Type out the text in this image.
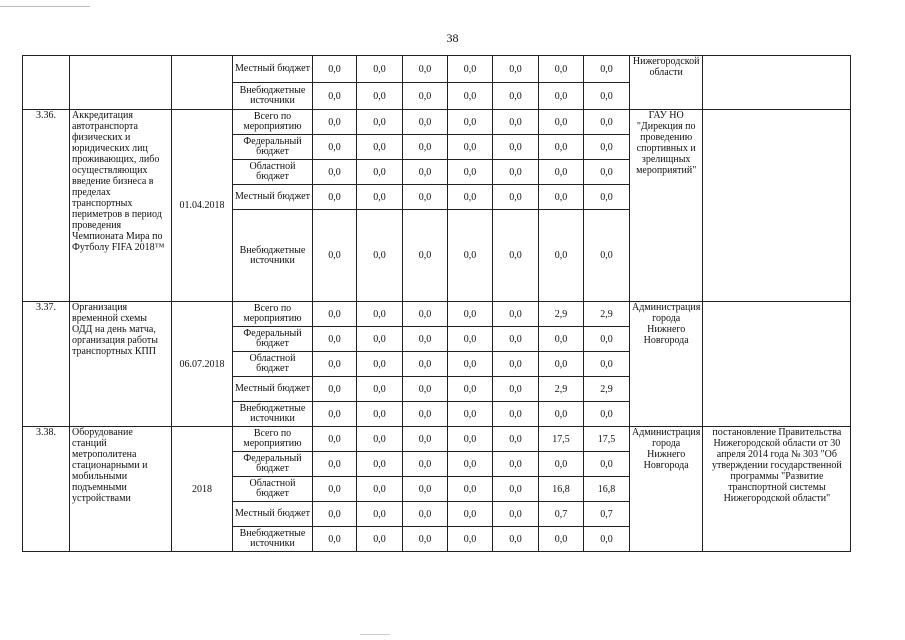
38
			Местный бюджет	0,0	0,0	0,0	0,0	0,0	0,0	0,0	Нижегородской области	
			Внебюджетные источники	0,0	0,0	0,0	0,0	0,0	0,0	0,0		
3.36.	Аккредитация автотранспорта физических и юридических лиц проживающих, либо осуществляющих введение бизнеса в пределах транспортных периметров в период проведения Чемпионата Мира по Футболу FIFA 2018™	01.04.2018	Всего по мероприятию	0,0	0,0	0,0	0,0	0,0	0,0	0,0	ГАУ НО "Дирекция по проведению спортивных и зрелищных мероприятий"	
			Федеральный бюджет	0,0	0,0	0,0	0,0	0,0	0,0	0,0		
			Областной бюджет	0,0	0,0	0,0	0,0	0,0	0,0	0,0		
			Местный бюджет	0,0	0,0	0,0	0,0	0,0	0,0	0,0		
			Внебюджетные источники	0,0	0,0	0,0	0,0	0,0	0,0	0,0		
3.37.	Организация временной схемы ОДД на день матча, организация работы транспортных КПП	06.07.2018	Всего по мероприятию	0,0	0,0	0,0	0,0	0,0	2,9	2,9	Администрация города Нижнего Новгорода	
			Федеральный бюджет	0,0	0,0	0,0	0,0	0,0	0,0	0,0		
			Областной бюджет	0,0	0,0	0,0	0,0	0,0	0,0	0,0		
			Местный бюджет	0,0	0,0	0,0	0,0	0,0	2,9	2,9		
			Внебюджетные источники	0,0	0,0	0,0	0,0	0,0	0,0	0,0		
3.38.	Оборудование станций метрополитена стационарными и мобильными подъемными устройствами	2018	Всего по мероприятию	0,0	0,0	0,0	0,0	0,0	17,5	17,5	Администрация города Нижнего Новгорода	постановление Правительства Нижегородской области от 30 апреля 2014 года № 303 "Об утверждении государственной программы "Развитие транспортной системы Нижегородской области"
			Федеральный бюджет	0,0	0,0	0,0	0,0	0,0	0,0	0,0		
			Областной бюджет	0,0	0,0	0,0	0,0	0,0	16,8	16,8		
			Местный бюджет	0,0	0,0	0,0	0,0	0,0	0,7	0,7		
			Внебюджетные источники	0,0	0,0	0,0	0,0	0,0	0,0	0,0		
